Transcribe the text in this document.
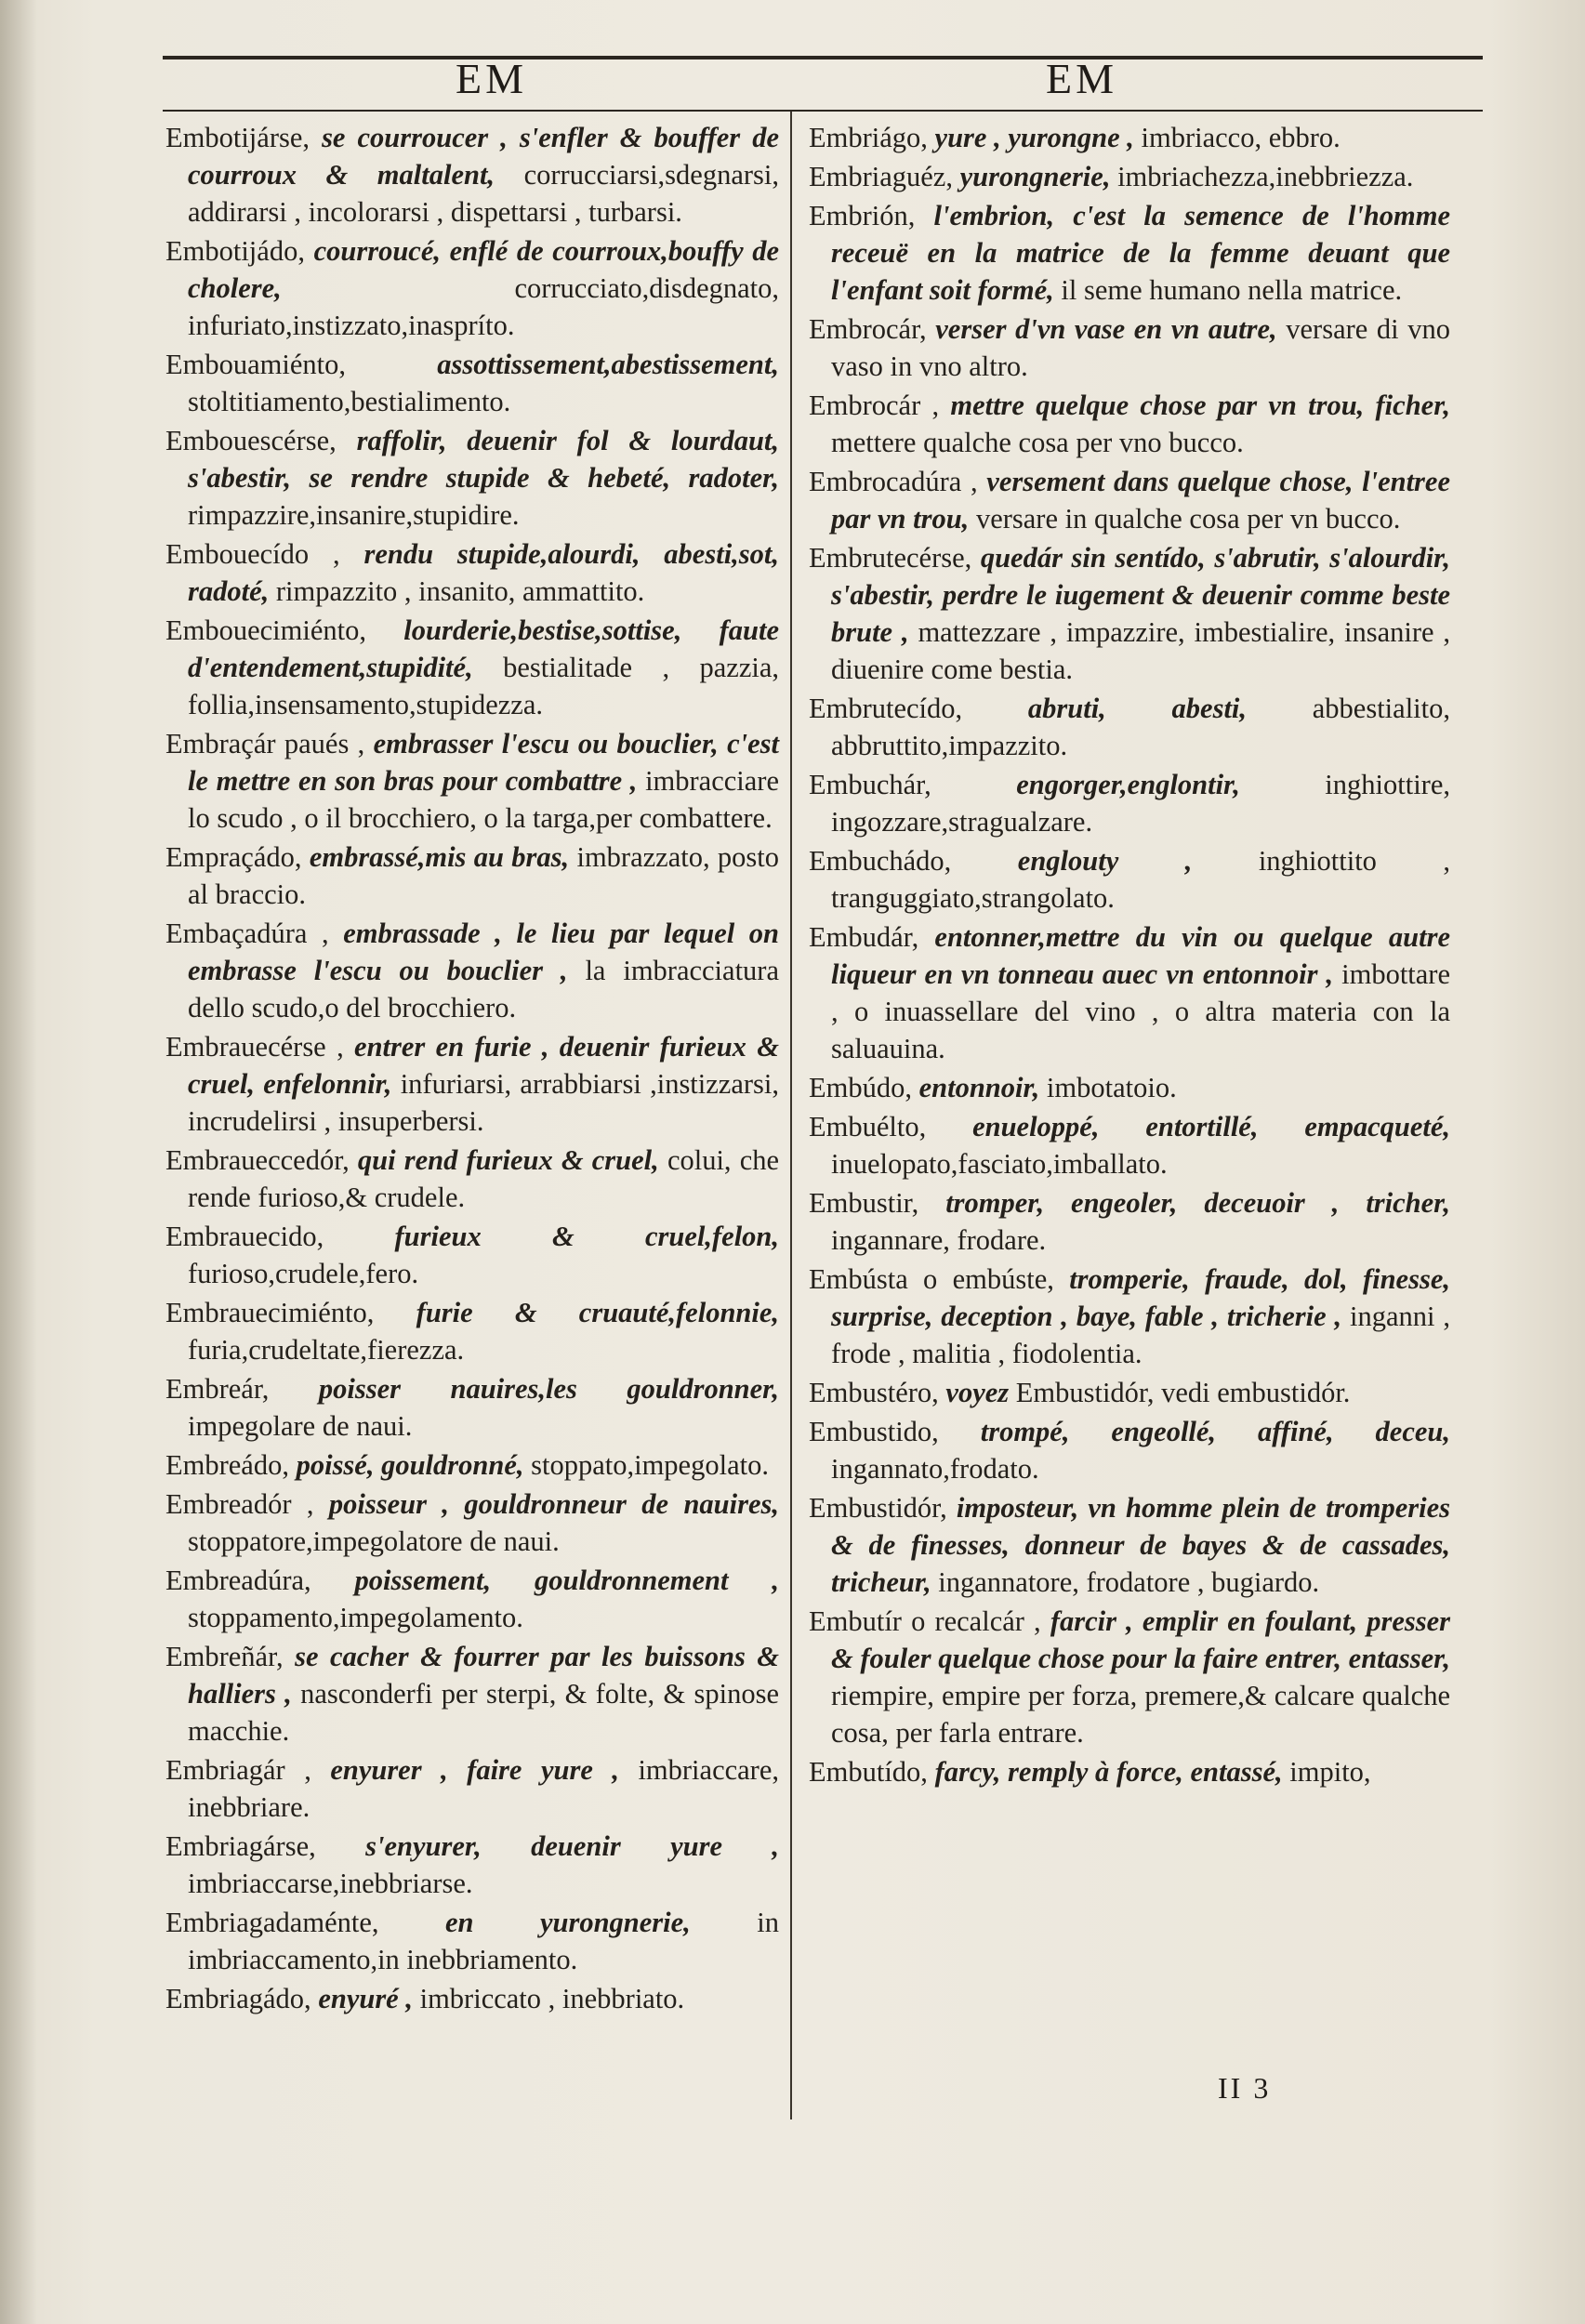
EM	EM

Embotijárse, se courroucer , s'enfler & bouffer de courroux & maltalent, corrucciarsi,sdegnarsi, addirarsi , incolorarsi , dispettarsi , turbarsi.

Embotijádo, courroucé, enflé de courroux,bouffy de cholere,	corrucciato,disdegnato, infuriato,instizzato,inaspríto.

Embouamiénto,	assottissement,abestissement, stoltitiamento,bestialimento.

Embouescérse, raffolir, deuenir fol & lourdaut, s'abestir, se rendre stupide & hebeté, radoter, rimpazzire,insanire,stupidire.

Embouecído , rendu stupide,alourdi, abesti,sot, radoté, rimpazzito , insanito, ammattito.

Embouecimiénto, lourderie,bestise,sottise, faute d'entendement,stupidité, bestialitade , pazzia, follia,insensamento,stupidezza.

Embraçár paués , embrasser l'escu ou bouclier, c'est le mettre en son bras pour combattre , imbracciare lo scudo , o il brocchiero, o la targa,per combattere.

Empraçádo, embrassé,mis au bras, imbrazzato, posto al braccio.

Embaçadúra , embrassade , le lieu par lequel on embrasse l'escu ou bouclier , la imbracciatura dello scudo,o del brocchiero.

Embrauecérse , entrer en furie , deuenir furieux & cruel, enfelonnir, infuriarsi, arrabbiarsi ,instizzarsi, incrudelirsi , insuperbersi.

Embraueccedór, qui rend furieux & cruel, colui, che rende furioso,& crudele.

Embrauecido,	furieux & cruel,felon, furioso,crudele,fero.

Embrauecimiénto, furie & cruauté,felonnie, furia,crudeltate,fierezza.

Embreár, poisser nauires,les gouldronner, impegolare de naui.

Embreádo, poissé, gouldronné, stoppato,impegolato.

Embreadór , poisseur , gouldronneur de nauires, stoppatore,impegolatore de naui.

Embreadúra, poissement, gouldronnement , stoppamento,impegolamento.

Embreñár, se cacher & fourrer par les buissons & halliers , nasconderfi per sterpi, & folte, & spinose macchie.

Embriagár , enyurer , faire yure , imbriaccare, inebbriare.

Embriagárse, s'enyurer, deuenir yure , imbriaccarse,inebbriarse.

Embriagadaménte, en yurongnerie, in imbriaccamento,in inebbriamento.

Embriagádo, enyuré , imbriccato , inebbriato.

Embriágo, yure , yurongne , imbriacco, ebbro.

Embriaguéz, yurongnerie, imbriachezza,inebbriezza.

Embrión, l'embrion, c'est la semence de l'homme receuë en la matrice de la femme deuant que l'enfant soit formé, il seme humano nella matrice.

Embrocár, verser d'vn vase en vn autre, versare di vno vaso in vno altro.

Embrocár , mettre quelque chose par vn trou, ficher, mettere qualche cosa per vno bucco.

Embrocadúra , versement dans quelque chose, l'entree par vn trou, versare in qualche cosa per vn bucco.

Embrutecérse, quedár sin sentído, s'abrutir, s'alourdir, s'abestir, perdre le iugement & deuenir comme beste brute , mattezzare , impazzire, imbestialire, insanire , diuenire come bestia.

Embrutecído, abruti, abesti, abbestialito, abbruttito,impazzito.

Embuchár,	engorger,englontir,	inghiottire, ingozzare,stragualzare.

Embuchádo, englouty , inghiottito , tranguggiato,strangolato.

Embudár, entonner,mettre du vin ou quelque autre liqueur en vn tonneau auec vn entonnoir , imbottare , o inuassellare del vino , o altra materia con la saluauina.

Embúdo, entonnoir, imbotatoio.

Embuélto, enueloppé, entortillé, empacqueté, inuelopato,fasciato,imballato.

Embustir, tromper, engeoler, deceuoir , tricher, ingannare, frodare.

Embústa o embúste, tromperie, fraude, dol, finesse, surprise, deception , baye, fable , tricherie , inganni , frode , malitia , fiodolentia.

Embustéro, voyez Embustidór, vedi embustidór.

Embustido, trompé, engeollé, affiné, deceu, ingannato,frodato.

Embustidór, imposteur, vn homme plein de tromperies & de finesses, donneur de bayes & de cassades, tricheur, ingannatore, frodatore , bugiardo.

Embutír o recalcár , farcir , emplir en foulant, presser & fouler quelque chose pour la faire entrer, entasser, riempire, empire per forza, premere,& calcare qualche cosa, per farla entrare.

Embutído, farcy, remply à force, entassé, impito,

II 3
